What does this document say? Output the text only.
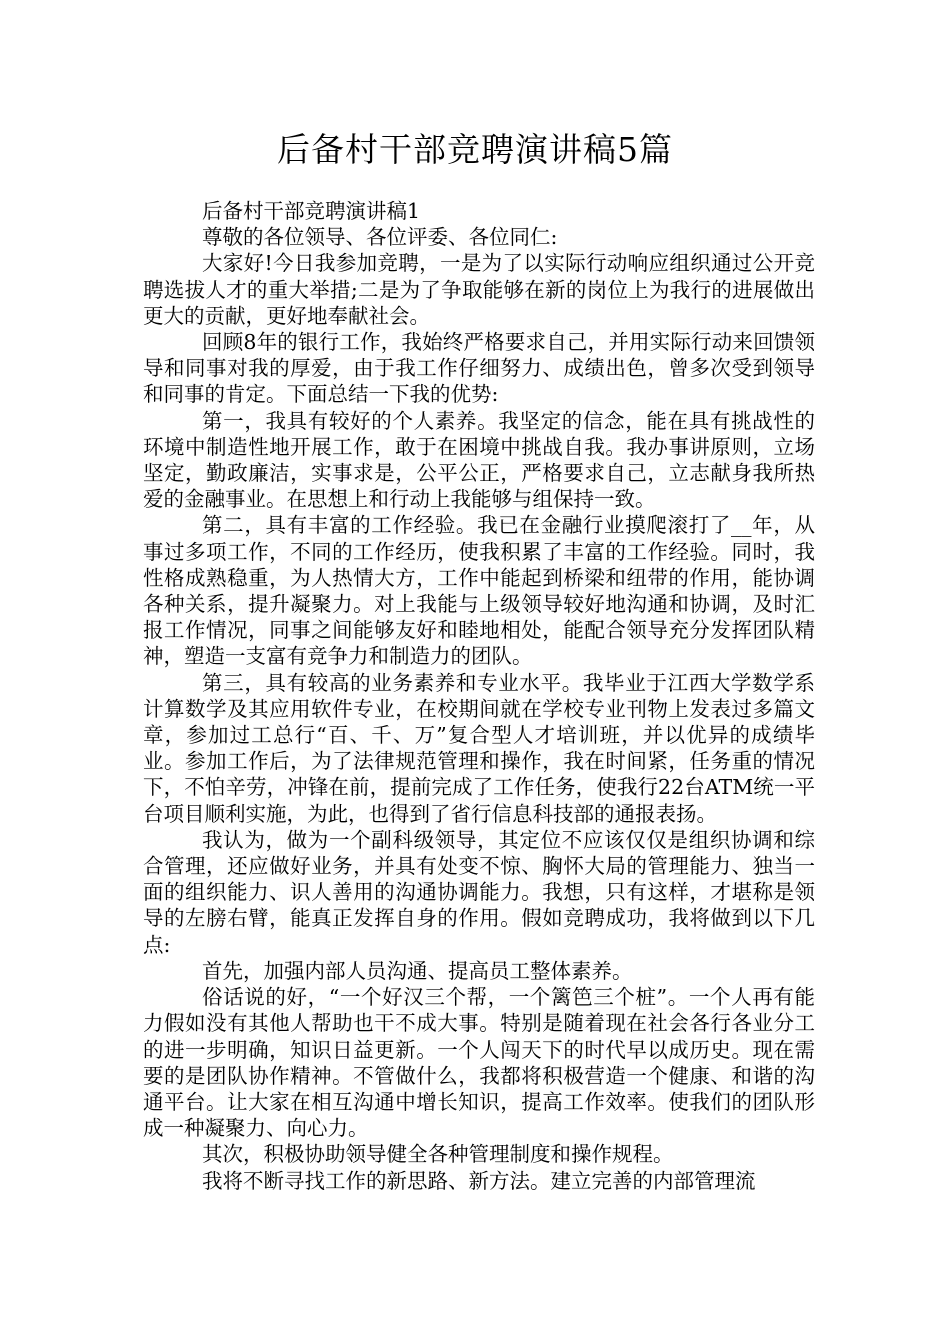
后备村干部竞聘演讲稿5篇

后备村干部竞聘演讲稿1

尊敬的各位领导、各位评委、各位同仁:

大家好!今日我参加竞聘，一是为了以实际行动响应组织通过公开竞聘选拔人才的重大举措;二是为了争取能够在新的岗位上为我行的进展做出更大的贡献，更好地奉献社会。

回顾8年的银行工作，我始终严格要求自己，并用实际行动来回馈领导和同事对我的厚爱，由于我工作仔细努力、成绩出色，曾多次受到领导和同事的肯定。下面总结一下我的优势:

第一，我具有较好的个人素养。我坚定的信念，能在具有挑战性的环境中制造性地开展工作，敢于在困境中挑战自我。我办事讲原则，立场坚定，勤政廉洁，实事求是，公平公正，严格要求自己，立志献身我所热爱的金融事业。在思想上和行动上我能够与组保持一致。

第二，具有丰富的工作经验。我已在金融行业摸爬滚打了__年，从事过多项工作，不同的工作经历，使我积累了丰富的工作经验。同时，我性格成熟稳重，为人热情大方，工作中能起到桥梁和纽带的作用，能协调各种关系，提升凝聚力。对上我能与上级领导较好地沟通和协调，及时汇报工作情况，同事之间能够友好和睦地相处，能配合领导充分发挥团队精神，塑造一支富有竞争力和制造力的团队。

第三，具有较高的业务素养和专业水平。我毕业于江西大学数学系计算数学及其应用软件专业，在校期间就在学校专业刊物上发表过多篇文章，参加过工总行“百、千、万”复合型人才培训班，并以优异的成绩毕业。参加工作后，为了法律规范管理和操作，我在时间紧，任务重的情况下，不怕辛劳，冲锋在前，提前完成了工作任务，使我行22台ATM统一平台项目顺利实施，为此，也得到了省行信息科技部的通报表扬。

我认为，做为一个副科级领导，其定位不应该仅仅是组织协调和综合管理，还应做好业务，并具有处变不惊、胸怀大局的管理能力、独当一面的组织能力、识人善用的沟通协调能力。我想，只有这样，才堪称是领导的左膀右臂，能真正发挥自身的作用。假如竞聘成功，我将做到以下几点:

首先，加强内部人员沟通、提高员工整体素养。

俗话说的好，“一个好汉三个帮，一个篱笆三个桩”。一个人再有能力假如没有其他人帮助也干不成大事。特别是随着现在社会各行各业分工的进一步明确，知识日益更新。一个人闯天下的时代早以成历史。现在需要的是团队协作精神。不管做什么，我都将积极营造一个健康、和谐的沟通平台。让大家在相互沟通中增长知识，提高工作效率。使我们的团队形成一种凝聚力、向心力。

其次，积极协助领导健全各种管理制度和操作规程。

我将不断寻找工作的新思路、新方法。建立完善的内部管理流
